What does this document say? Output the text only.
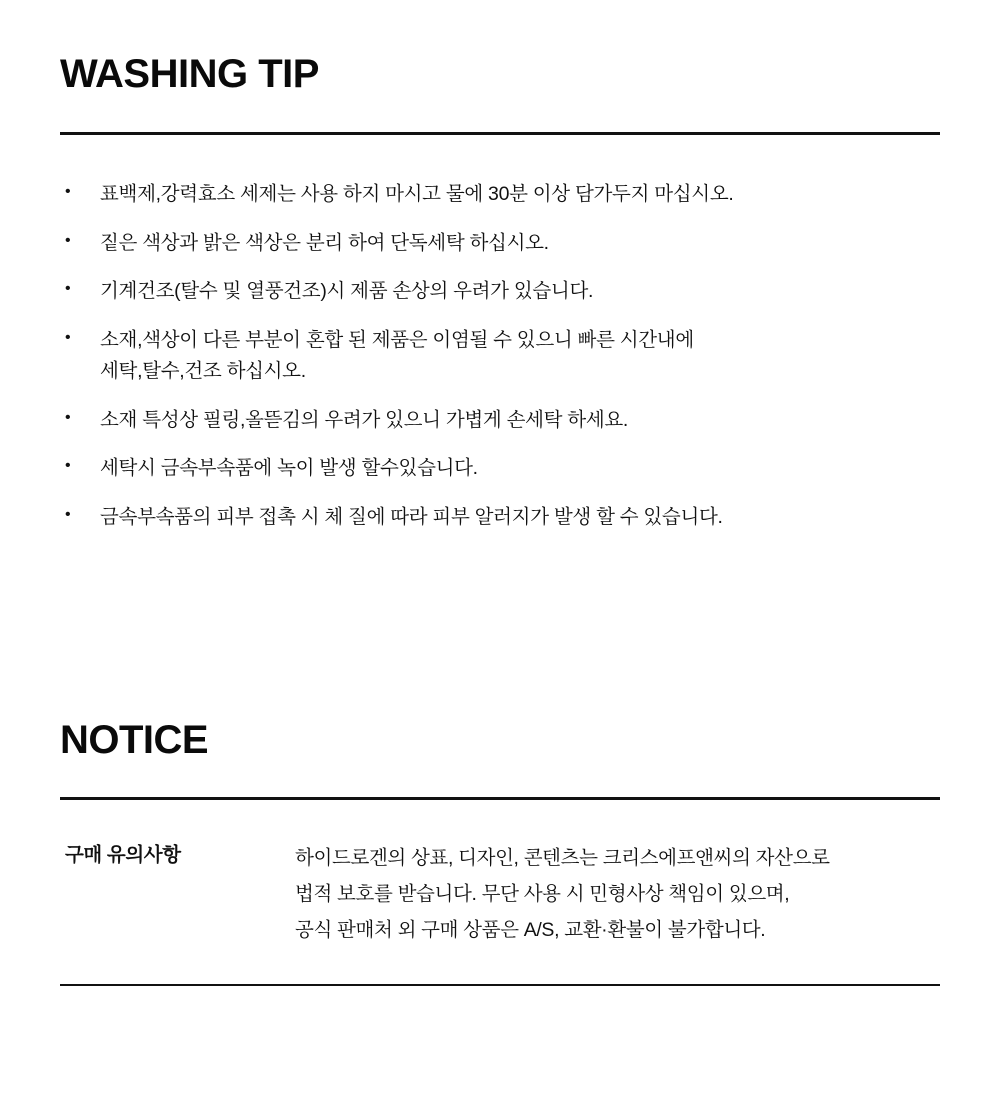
WASHING TIP
• 표백제,강력효소 세제는 사용 하지 마시고 물에 30분 이상 담가두지 마십시오.
• 짙은 색상과 밝은 색상은 분리 하여 단독세탁 하십시오.
• 기계건조(탈수 및 열풍건조)시 제품 손상의 우려가 있습니다.
• 소재,색상이 다른 부분이 혼합 된 제품은 이염될 수 있으니 빠른 시간내에
세탁,탈수,건조 하십시오.
• 소재 특성상 필링,올뜯김의 우려가 있으니 가볍게 손세탁 하세요.
• 세탁시 금속부속품에 녹이 발생 할수있습니다.
• 금속부속품의 피부 접촉 시 체 질에 따라 피부 알러지가 발생 할 수 있습니다.
NOTICE
구매 유의사항	하이드로겐의 상표, 디자인, 콘텐츠는 크리스에프앤씨의 자산으로
법적 보호를 받습니다. 무단 사용 시 민형사상 책임이 있으며,
공식 판매처 외 구매 상품은 A/S, 교환·환불이 불가합니다.
